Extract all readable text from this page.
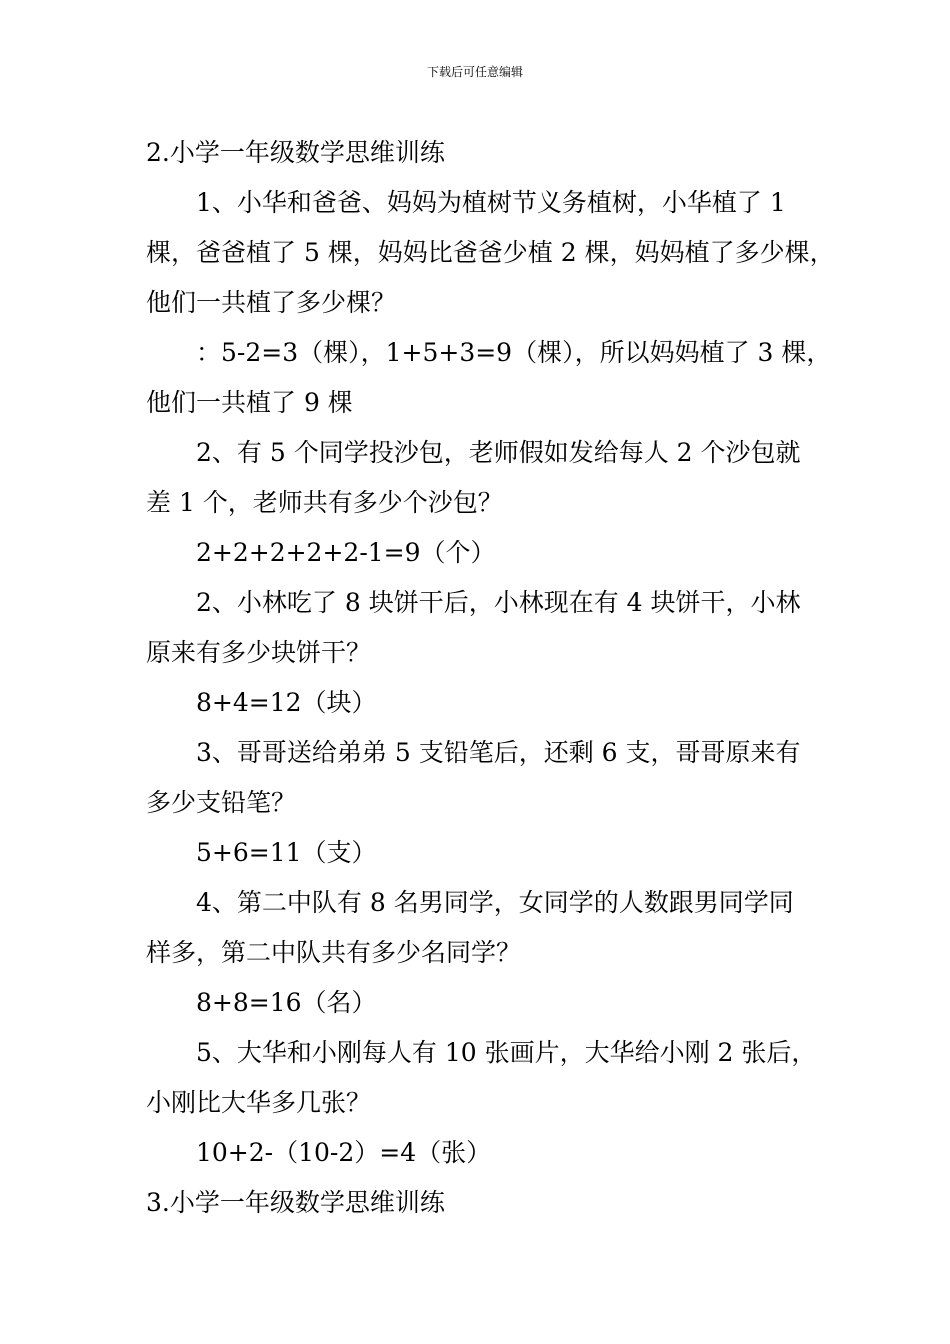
下载后可任意编辑
2.小学一年级数学思维训练
1、小华和爸爸、妈妈为植树节义务植树，小华植了 1
棵，爸爸植了 5 棵，妈妈比爸爸少植 2 棵，妈妈植了多少棵，
他们一共植了多少棵？
：5-2=3（棵），1+5+3=9（棵），所以妈妈植了 3 棵，
他们一共植了 9 棵
2、有 5 个同学投沙包，老师假如发给每人 2 个沙包就
差 1 个，老师共有多少个沙包？
2+2+2+2+2-1=9（个）
2、小林吃了 8 块饼干后，小林现在有 4 块饼干，小林
原来有多少块饼干？
8+4=12（块）
3、哥哥送给弟弟 5 支铅笔后，还剩 6 支，哥哥原来有
多少支铅笔？
5+6=11（支）
4、第二中队有 8 名男同学，女同学的人数跟男同学同
样多，第二中队共有多少名同学？
8+8=16（名）
5、大华和小刚每人有 10 张画片，大华给小刚 2 张后，
小刚比大华多几张？
10+2-（10-2）=4（张）
3.小学一年级数学思维训练
